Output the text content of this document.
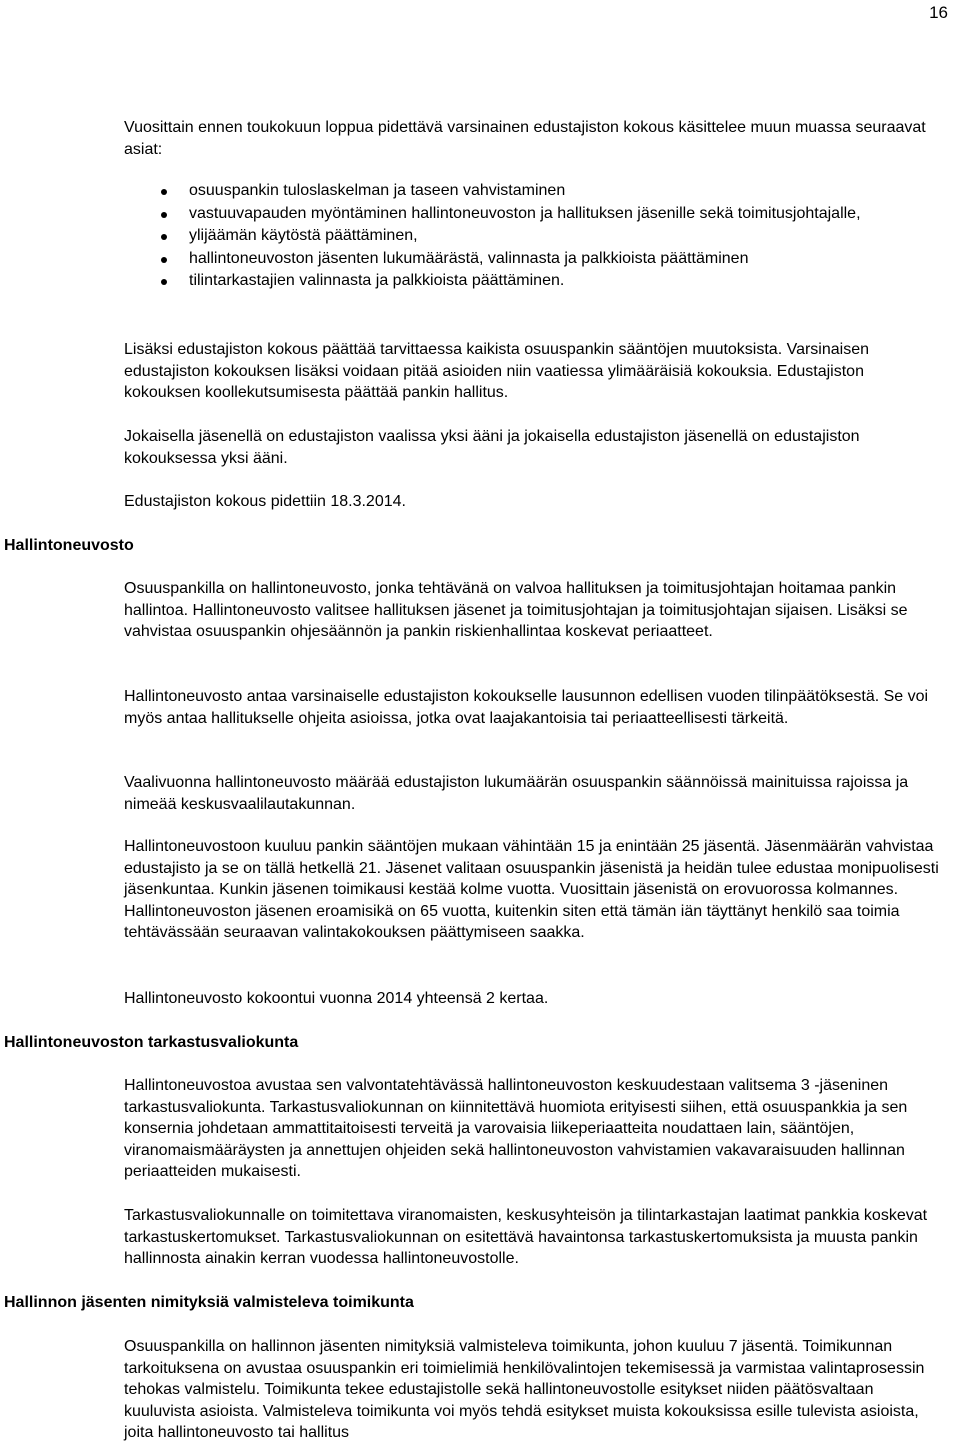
16

Vuosittain ennen toukokuun loppua pidettävä varsinainen edustajiston kokous käsittelee muun muassa seuraavat asiat:

osuuspankin tuloslaskelman ja taseen vahvistaminen
vastuuvapauden myöntäminen hallintoneuvoston ja hallituksen jäsenille sekä toimitusjohtajalle,
ylijäämän käytöstä päättäminen,
hallintoneuvoston jäsenten lukumäärästä, valinnasta ja palkkioista päättäminen
tilintarkastajien valinnasta ja palkkioista päättäminen.

Lisäksi edustajiston kokous päättää tarvittaessa kaikista osuuspankin sääntöjen muutoksista. Varsinaisen edustajiston kokouksen lisäksi voidaan pitää asioiden niin vaatiessa ylimääräisiä kokouksia. Edustajiston kokouksen koollekutsumisesta päättää pankin hallitus.

Jokaisella jäsenellä on edustajiston vaalissa yksi ääni ja jokaisella edustajiston jäsenellä on edustajiston kokouksessa yksi ääni.

Edustajiston kokous pidettiin 18.3.2014.

Hallintoneuvosto

Osuuspankilla on hallintoneuvosto, jonka tehtävänä on valvoa hallituksen ja toimitusjohtajan hoitamaa pankin hallintoa. Hallintoneuvosto valitsee hallituksen jäsenet ja toimitusjohtajan ja toimitusjohtajan sijaisen. Lisäksi se vahvistaa osuuspankin ohjesäännön ja pankin riskienhallintaa koskevat periaatteet.

Hallintoneuvosto antaa varsinaiselle edustajiston kokoukselle lausunnon edellisen vuoden tilinpäätöksestä. Se voi myös antaa hallitukselle ohjeita asioissa, jotka ovat laajakantoisia tai periaatteellisesti tärkeitä.

Vaalivuonna hallintoneuvosto määrää edustajiston lukumäärän osuuspankin säännöissä mainituissa rajoissa ja nimeää keskusvaalilautakunnan.

Hallintoneuvostoon kuuluu pankin sääntöjen mukaan vähintään 15 ja enintään 25 jäsentä. Jäsenmäärän vahvistaa edustajisto ja se on tällä hetkellä 21. Jäsenet valitaan osuuspankin jäsenistä ja heidän tulee edustaa monipuolisesti jäsenkuntaa. Kunkin jäsenen toimikausi kestää kolme vuotta. Vuosittain jäsenistä on erovuorossa kolmannes. Hallintoneuvoston jäsenen eroamisikä on 65 vuotta, kuitenkin siten että tämän iän täyttänyt henkilö saa toimia tehtävässään seuraavan valintakokouksen päättymiseen saakka.

Hallintoneuvosto kokoontui vuonna 2014 yhteensä 2 kertaa.

Hallintoneuvoston tarkastusvaliokunta

Hallintoneuvostoa avustaa sen valvontatehtävässä hallintoneuvoston keskuudestaan valitsema 3 -jäseninen tarkastusvaliokunta. Tarkastusvaliokunnan on kiinnitettävä huomiota erityisesti siihen, että osuuspankkia ja sen konsernia johdetaan ammattitaitoisesti terveitä ja varovaisia liikeperiaatteita noudattaen lain, sääntöjen, viranomaismääräysten ja annettujen ohjeiden sekä hallintoneuvoston vahvistamien vakavaraisuuden hallinnan periaatteiden mukaisesti.

Tarkastusvaliokunnalle on toimitettava viranomaisten, keskusyhteisön ja tilintarkastajan laatimat pankkia koskevat tarkastuskertomukset. Tarkastusvaliokunnan on esitettävä havaintonsa tarkastuskertomuksista ja muusta pankin hallinnosta ainakin kerran vuodessa hallintoneuvostolle.

Hallinnon jäsenten nimityksiä valmisteleva toimikunta

Osuuspankilla on hallinnon jäsenten nimityksiä valmisteleva toimikunta, johon kuuluu 7 jäsentä. Toimikunnan tarkoituksena on avustaa osuuspankin eri toimielimiä henkilövalintojen tekemisessä ja varmistaa valintaprosessin tehokas valmistelu. Toimikunta tekee edustajistolle sekä hallintoneuvostolle esitykset niiden päätösvaltaan kuuluvista asioista. Valmisteleva toimikunta voi myös tehdä esitykset muista kokouksissa esille tulevista asioista, joita hallintoneuvosto tai hallitus
